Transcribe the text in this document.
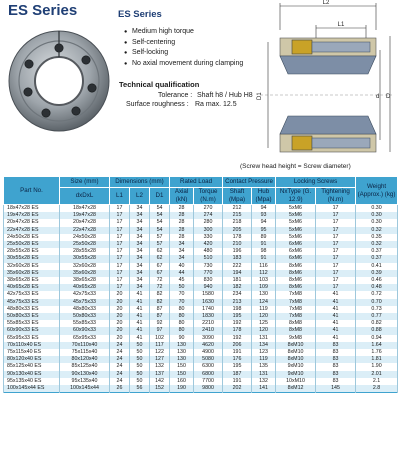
ES Series	ES Series
● Medium high torque
● Self-centering
● Self-locking
● No axial movement during clamping
Technical qualification
Tolerance : Shaft h8 / Hub H8
Surface roughness : Ra max. 12.5
L2
L1
D1	d D
(Screw head height = Screw diameter)
Part No.	Size (mm)	Dimensions (mm)			Rated Load		Contact Pressure		Locking Screws		Weight (Approx.) (kg)
	dxDxL	L1	L2	D1	Axial (kN)	Torque (N.m)	Shaft (Mpa)	Hub (Mpa)	NxType (G. 12.9)	Tightening (N.m)	
18x47x28 ES	18x47x28	17	34	54	28	270	212	94	5xM6	17	0.30
19x47x28 ES	19x47x28	17	34	54	28	274	215	93	5xM6	17	0.30
20x47x28 ES	20x47x28	17	34	54	28	280	218	94	5xM6	17	0.30
22x47x28 ES	22x47x28	17	34	54	28	300	205	95	5xM6	17	0.32
24x50x28 ES	24x50x28	17	34	57	28	330	178	89	5xM6	17	0.35
25x50x28 ES	25x50x28	17	34	57	34	420	210	91	6xM6	17	0.32
28x55x28 ES	28x55x28	17	34	62	34	480	196	98	6xM6	17	0.37
30x55x28 ES	30x55x28	17	34	62	34	510	183	91	6xM6	17	0.37
32x60x28 ES	32x60x28	17	34	67	40	730	222	116	8xM6	17	0.41
35x60x28 ES	35x60x28	17	34	67	44	770	194	112	8xM6	17	0.39
38x65x28 ES	38x65x28	17	34	72	45	830	181	103	8xM6	17	0.46
40x65x28 ES	40x65x28	17	34	72	50	940	182	109	8xM6	17	0.48
42x75x33 ES	42x75x33	20	41	82	70	1580	234	130	7xM8	41	0.72
45x75x33 ES	45x75x33	20	41	82	70	1630	213	124	7xM8	41	0.70
48x80x33 ES	48x80x33	20	41	87	80	1740	198	119	7xM8	41	0.73
50x80x33 ES	50x80x33	20	41	87	80	1830	195	120	7xM8	41	0.77
55x85x33 ES	55x85x33	20	41	92	80	2210	192	125	8xM8	41	0.82
60x90x33 ES	60x90x33	20	41	97	80	2410	178	120	8xM8	41	0.88
65x95x33 ES	65x95x33	20	41	102	90	3090	192	131	9xM8	41	0.94
70x110x40 ES	70x110x40	24	50	117	130	4620	206	134	8xM10	83	1.64
75x115x40 ES	75x115x40	24	50	122	130	4900	191	123	8xM10	83	1.76
80x120x40 ES	80x120x40	24	50	127	130	5080	176	119	8xM10	83	1.81
85x125x40 ES	85x125x40	24	50	132	150	6300	195	135	9xM10	83	1.90
90x130x40 ES	90x130x40	24	50	137	150	6800	187	131	9xM10	83	2.01
95x135x40 ES	95x135x40	24	50	142	160	7700	191	132	10xM10	83	2.1
100x145x44 ES	100x145x44	26	56	152	190	9800	202	141	8xM12	145	2.8
